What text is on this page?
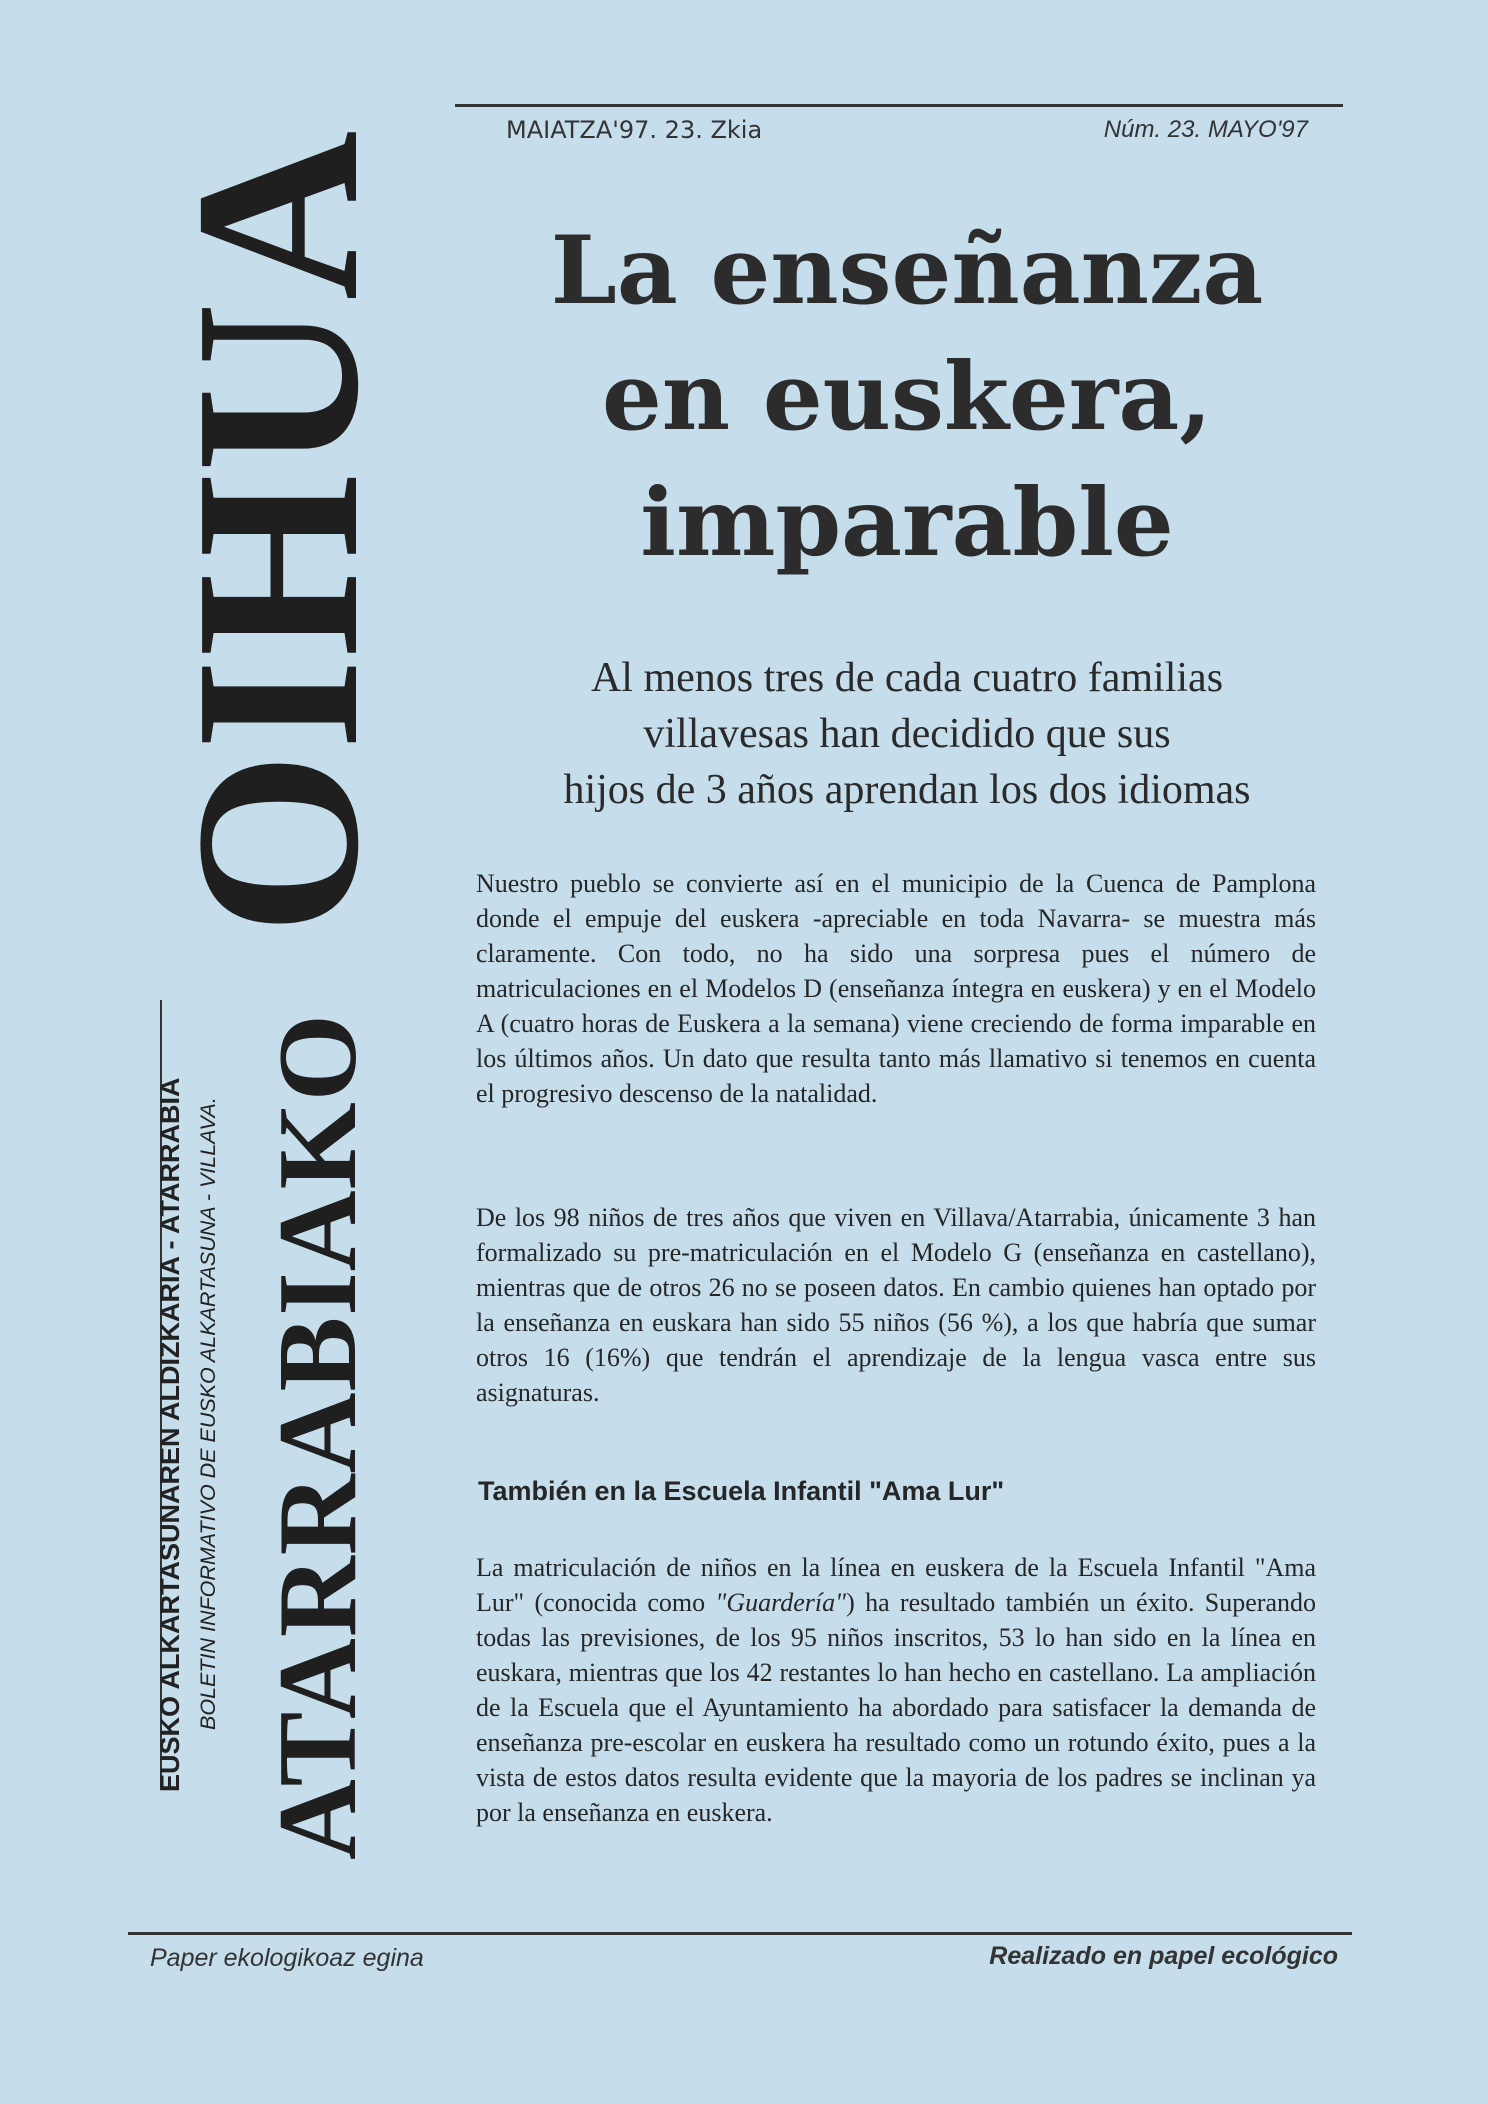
OIHUA
ATARRABIAKO
EUSKO ALKARTASUNAREN ALDIZKARIA - ATARRABIA BOLETIN INFORMATIVO DE EUSKO ALKARTASUNA - VILLAVA.
MAIATZA'97. 23. Zkia	Núm. 23. MAYO'97
La enseñanza
en euskera,
imparable
Al menos tres de cada cuatro familias
villavesas han decidido que sus
hijos de 3 años aprendan los dos idiomas

Nuestro pueblo se convierte así en el municipio de la Cuenca de Pamplona donde el empuje del euskera -apreciable en toda Navarra- se muestra más claramente. Con todo, no ha sido una sorpresa pues el número de matriculaciones en el Modelos D (enseñanza íntegra en euskera) y en el Modelo A (cuatro horas de Euskera a la semana) viene creciendo de forma imparable en los últimos años. Un dato que resulta tanto más llamativo si tenemos en cuenta el progresivo descenso de la natalidad.

De los 98 niños de tres años que viven en Villava/Atarrabia, únicamente 3 han formalizado su pre-matriculación en el Modelo G (enseñanza en castellano), mientras que de otros 26 no se poseen datos. En cambio quienes han optado por la enseñanza en euskara han sido 55 niños (56 %), a los que habría que sumar otros 16 (16%) que tendrán el aprendizaje de la lengua vasca entre sus asignaturas.

También en la Escuela Infantil "Ama Lur"

La matriculación de niños en la línea en euskera de la Escuela Infantil "Ama Lur" (conocida como "Guardería") ha resultado también un éxito. Superando todas las previsiones, de los 95 niños inscritos, 53 lo han sido en la línea en euskara, mientras que los 42 restantes lo han hecho en castellano. La ampliación de la Escuela que el Ayuntamiento ha abordado para satisfacer la demanda de enseñanza pre-escolar en euskera ha resultado como un rotundo éxito, pues a la vista de estos datos resulta evidente que la mayoria de los padres se inclinan ya por la enseñanza en euskera.

Paper ekologikoaz egina	Realizado en papel ecológico
